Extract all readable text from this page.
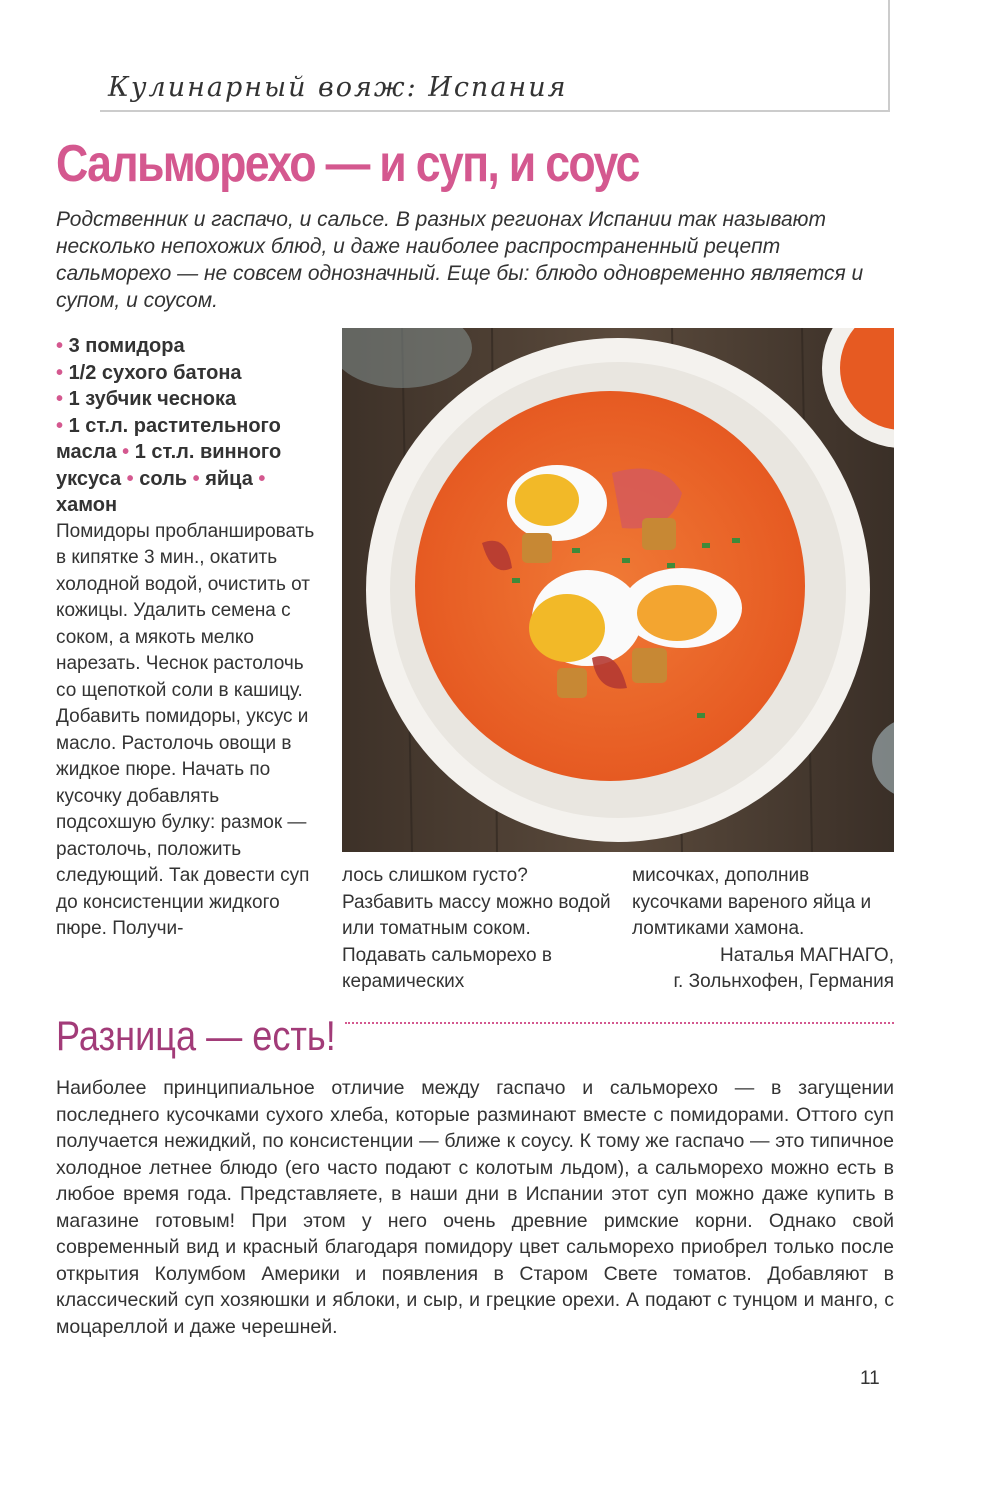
Кулинарный вояж: Испания
Сальморехо — и суп, и соус
Родственник и гаспачо, и сальсе. В разных регионах Испании так называют несколько непохожих блюд, и даже наиболее распространенный рецепт сальморехо — не совсем однозначный. Еще бы: блюдо одновременно является и супом, и соусом.
• 3 помидора
• 1/2 сухого батона
• 1 зубчик чеснока
• 1 ст.л. растительного масла • 1 ст.л. винного уксуса • соль • яйца • хамон
Помидоры пробланшировать в кипятке 3 мин., окатить холодной водой, очистить от кожицы. Удалить семена с соком, а мякоть мелко нарезать. Чеснок растолочь со щепоткой соли в кашицу. Добавить помидоры, уксус и масло. Растолочь овощи в жидкое пюре. Начать по кусочку добавлять подсохшую булку: размок — растолочь, положить следующий. Так довести суп до консистенции жидкого пюре. Получи-
лось слишком густо? Разбавить массу можно водой или томатным соком. Подавать сальморехо в керамических
мисочках, дополнив кусочками вареного яйца и ломтиками хамона.
Наталья МАГНАГО,
г. Зольнхофен, Германия
Разница — есть!
Наиболее принципиальное отличие между гаспачо и сальморехо — в загущении последнего кусочками сухого хлеба, которые разминают вместе с помидорами. Оттого суп получается нежидкий, по консистенции — ближе к соусу. К тому же гаспачо — это типичное холодное летнее блюдо (его часто подают с колотым льдом), а сальморехо можно есть в любое время года. Представляете, в наши дни в Испании этот суп можно даже купить в магазине готовым! При этом у него очень древние римские корни. Однако свой современный вид и красный благодаря помидору цвет сальморехо приобрел только после открытия Колумбом Америки и появления в Старом Свете томатов. Добавляют в классический суп хозяюшки и яблоки, и сыр, и грецкие орехи. А подают с тунцом и манго, с моцареллой и даже черешней.
11
